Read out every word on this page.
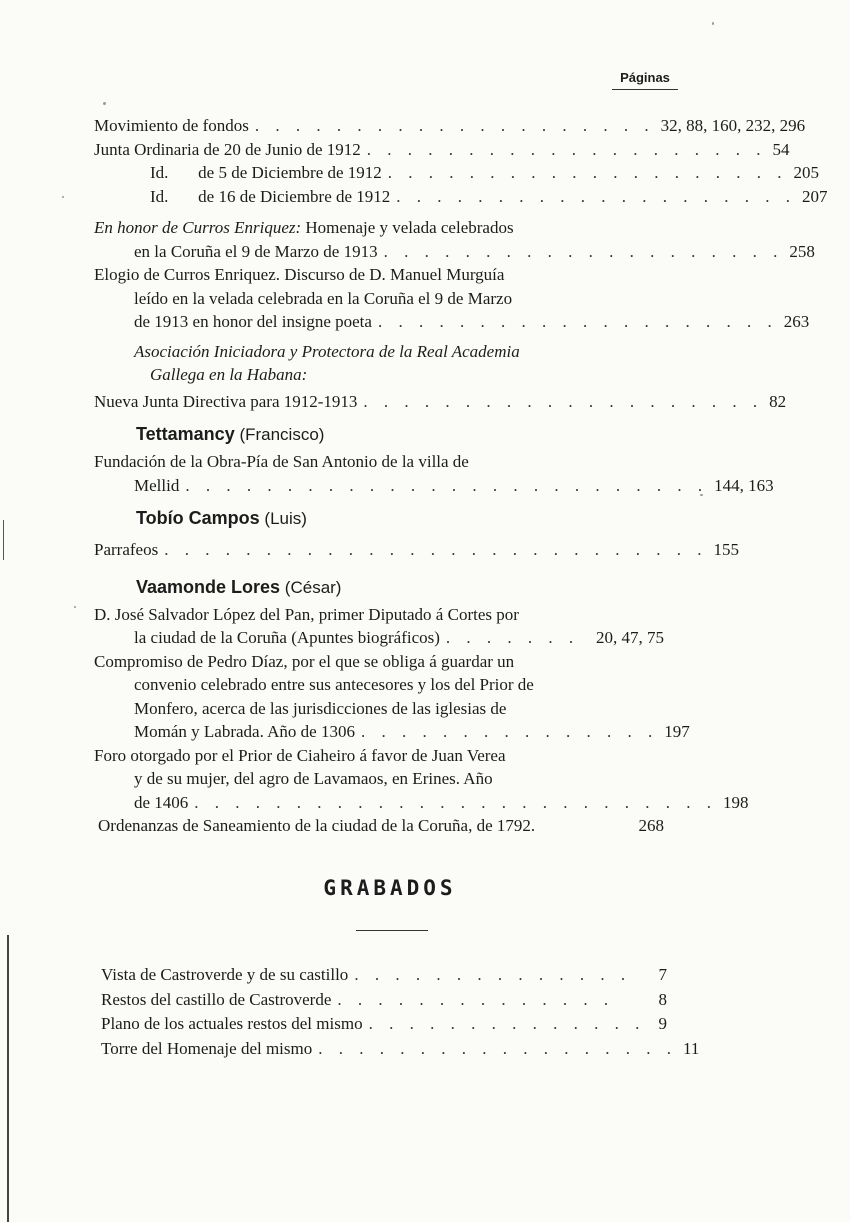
Páginas
Movimiento de fondos . . . . . . . . . . . . . . . . . . . . 32, 88, 160, 232, 296
Junta Ordinaria de 20 de Junio de 1912 . . . . . . . . . . . . . . . . . . . . 54
Id.       de 5 de Diciembre de 1912 . . . . . . . . . . . . . . . . . . . . 205
Id.       de 16 de Diciembre de 1912 . . . . . . . . . . . . . . . . . . . . 207
En honor de Curros Enriquez: Homenaje y velada celebrados
en la Coruña el 9 de Marzo de 1913 . . . . . . . . . . . . . . . . . . . . 258
Elogio de Curros Enriquez. Discurso de D. Manuel Murguía
leído en la velada celebrada en la Coruña el 9 de Marzo
de 1913 en honor del insigne poeta . . . . . . . . . . . . . . . . . . . . 263
Asociación Iniciadora y Protectora de la Real Academia
Gallega en la Habana:
Nueva Junta Directiva para 1912-1913 . . . . . . . . . . . . . . . . . . . . 82
Tettamancy (Francisco)
Fundación de la Obra-Pía de San Antonio de la villa de
Mellid . . . . . . . . . . . . . . . . . . . . . . . . . . 144, 163
Tobío Campos (Luis)
Parrafeos . . . . . . . . . . . . . . . . . . . . . . . . . . . 155
Vaamonde Lores (César)
D. José Salvador López del Pan, primer Diputado á Cortes por
la ciudad de la Coruña (Apuntes biográficos) . . . . . . . 20, 47, 75
Compromiso de Pedro Díaz, por el que se obliga á guardar un
convenio celebrado entre sus antecesores y los del Prior de
Monfero, acerca de las jurisdicciones de las iglesias de
Momán y Labrada. Año de 1306 . . . . . . . . . . . . . . . 197
Foro otorgado por el Prior de Ciaheiro á favor de Juan Verea
y de su mujer, del agro de Lavamaos, en Erines. Año
de 1406 . . . . . . . . . . . . . . . . . . . . . . . . . . 198
Ordenanzas de Saneamiento de la ciudad de la Coruña, de 1792.	268
GRABADOS
Vista de Castroverde y de su castillo . . . . . . . . . . . . . .	7
Restos del castillo de Castroverde . . . . . . . . . . . . . .	8
Plano de los actuales restos del mismo . . . . . . . . . . . . . . 9
Torre del Homenaje del mismo . . . . . . . . . . . . . . . . . . 11
